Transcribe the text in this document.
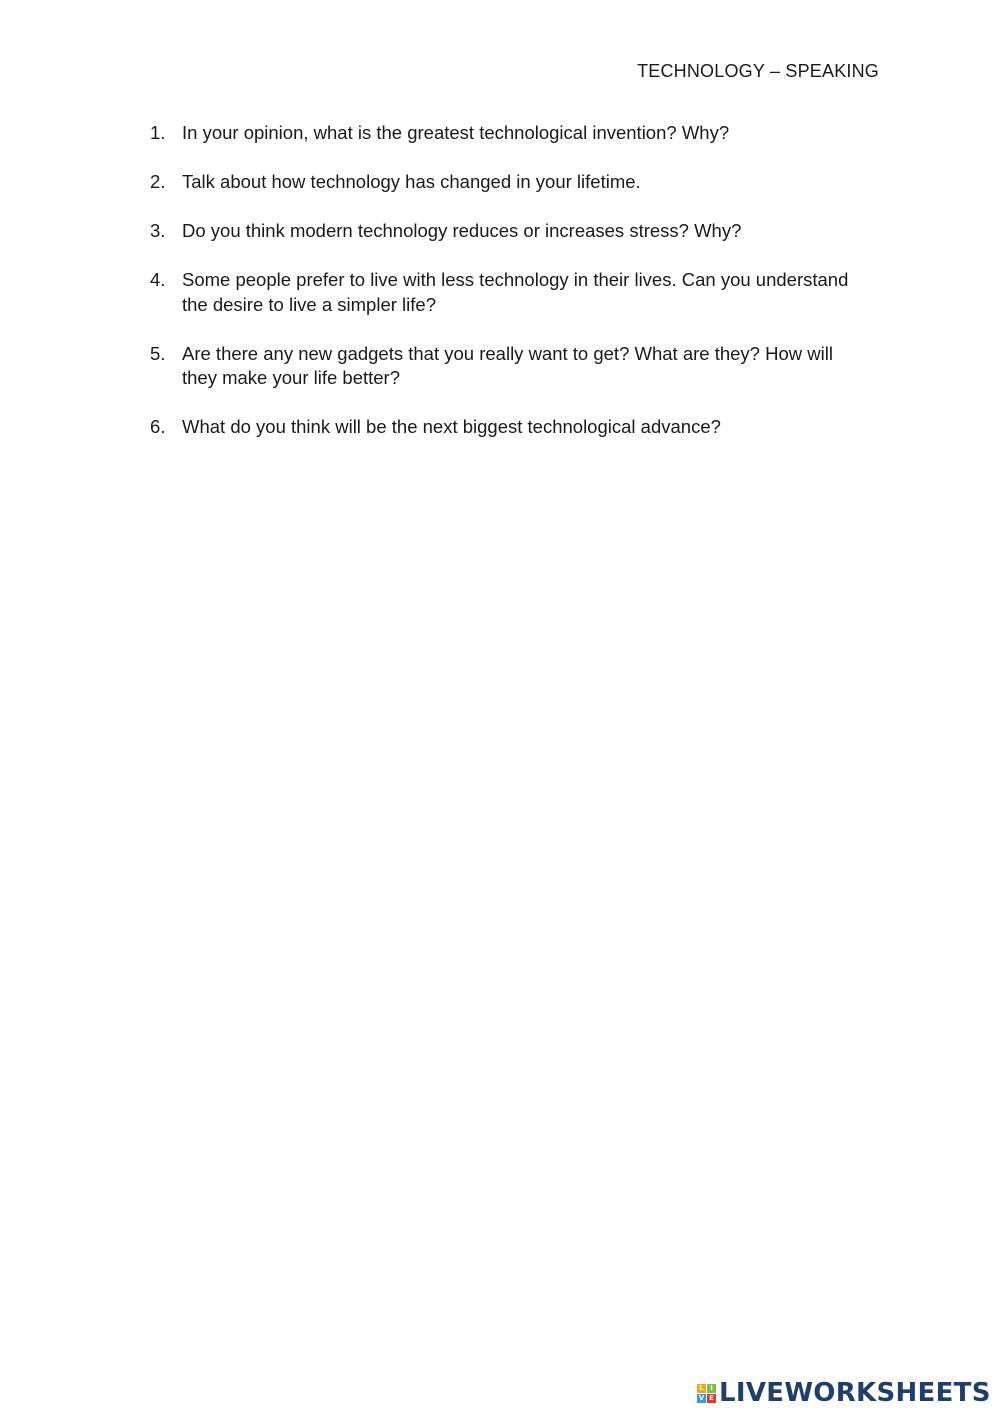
TECHNOLOGY – SPEAKING
1. In your opinion, what is the greatest technological invention? Why?
2. Talk about how technology has changed in your lifetime.
3. Do you think modern technology reduces or increases stress? Why?
4. Some people prefer to live with less technology in their lives. Can you understand the desire to live a simpler life?
5. Are there any new gadgets that you really want to get? What are they? How will they make your life better?
6. What do you think will be the next biggest technological advance?
L I
V E LIVEWORKSHEETS
